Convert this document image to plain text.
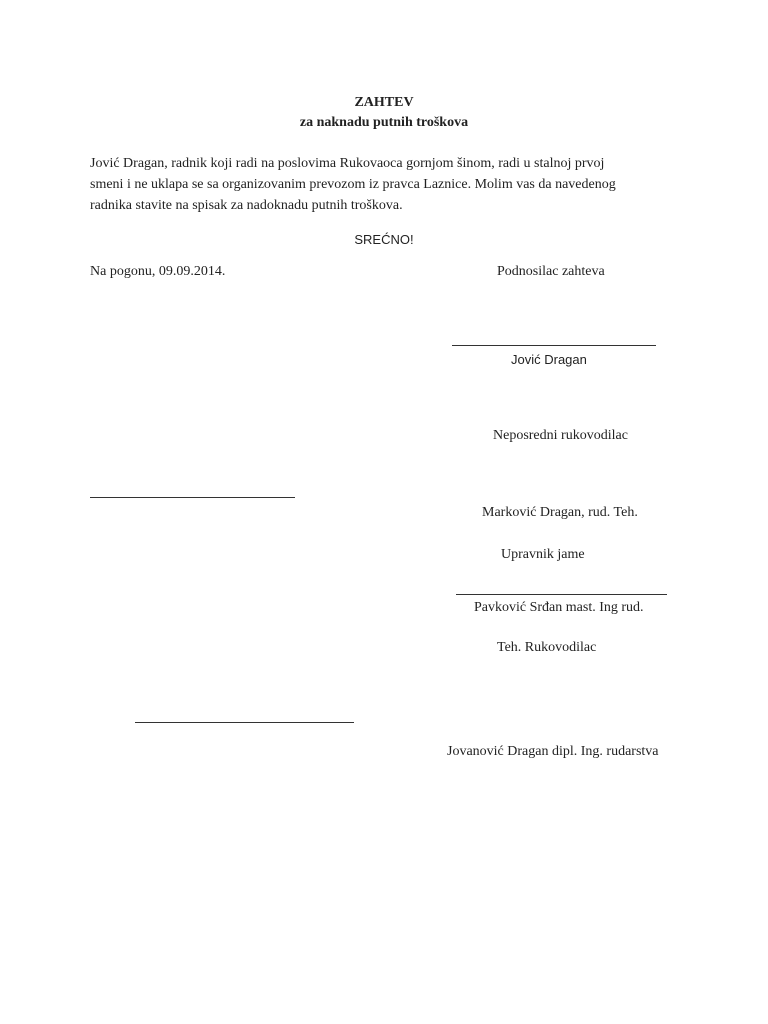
ZAHTEV
za naknadu putnih troškova
Jović Dragan, radnik koji radi na poslovima Rukovaoca gornjom šinom, radi u stalnoj prvoj
smeni i ne uklapa se sa organizovanim prevozom iz pravca Laznice. Molim vas da navedenog
radnika stavite na spisak za nadoknadu putnih troškova.
SREĆNO!
Na pogonu, 09.09.2014.	Podnosilac zahteva
Jović Dragan
Neposredni rukovodilac
Marković Dragan, rud. Teh.
Upravnik jame
Pavković Srđan mast. Ing rud.
Teh. Rukovodilac
Jovanović Dragan dipl. Ing. rudarstva
